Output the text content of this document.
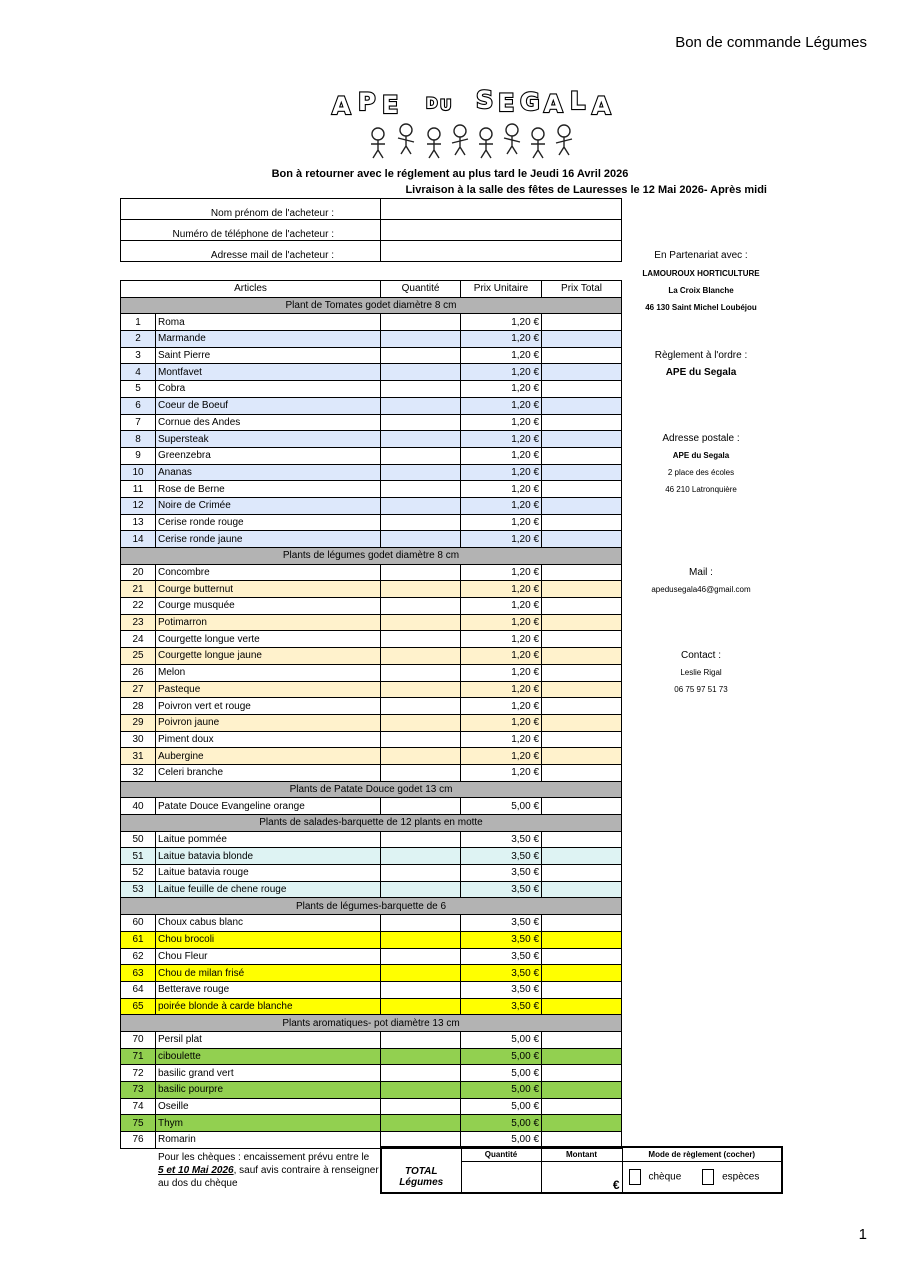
Bon de commande Légumes
A P E D U S E G A L A
Bon à retourner avec le réglement au plus tard le Jeudi 16 Avril 2026
Livraison à la salle des fêtes de Lauresses le 12 Mai 2026- Après midi
Nom prénom de l'acheteur :	
Numéro de téléphone de l'acheteur :	
Adresse mail de l'acheteur :	
Articles		Quantité	Prix Unitaire	Prix Total
Plant de Tomates godet diamètre 8 cm				
1	Roma		1,20 €	
2	Marmande		1,20 €	
3	Saint Pierre		1,20 €	
4	Montfavet		1,20 €	
5	Cobra		1,20 €	
6	Coeur de Boeuf		1,20 €	
7	Cornue des Andes		1,20 €	
8	Supersteak		1,20 €	
9	Greenzebra		1,20 €	
10	Ananas		1,20 €	
11	Rose de Berne		1,20 €	
12	Noire de Crimée		1,20 €	
13	Cerise ronde rouge		1,20 €	
14	Cerise ronde jaune		1,20 €	
Plants de légumes godet diamètre 8 cm				
20	Concombre		1,20 €	
21	Courge butternut		1,20 €	
22	Courge musquée		1,20 €	
23	Potimarron		1,20 €	
24	Courgette longue verte		1,20 €	
25	Courgette longue jaune		1,20 €	
26	Melon		1,20 €	
27	Pasteque		1,20 €	
28	Poivron vert et rouge		1,20 €	
29	Poivron jaune		1,20 €	
30	Piment doux		1,20 €	
31	Aubergine		1,20 €	
32	Celeri branche		1,20 €	
Plants de Patate Douce godet 13 cm				
40	Patate Douce Evangeline orange		5,00 €	
Plants de salades-barquette de 12 plants en motte				
50	Laitue pommée		3,50 €	
51	Laitue batavia blonde		3,50 €	
52	Laitue batavia rouge		3,50 €	
53	Laitue feuille de chene rouge		3,50 €	
Plants de légumes-barquette de 6				
60	Choux cabus blanc		3,50 €	
61	Chou brocoli		3,50 €	
62	Chou Fleur		3,50 €	
63	Chou de milan frisé		3,50 €	
64	Betterave rouge		3,50 €	
65	poirée blonde à carde blanche		3,50 €	
Plants aromatiques- pot diamètre 13 cm				
70	Persil plat		5,00 €	
71	ciboulette		5,00 €	
72	basilic grand vert		5,00 €	
73	basilic pourpre		5,00 €	
74	Oseille		5,00 €	
75	Thym		5,00 €	
76	Romarin		5,00 €	
En Partenariat avec :
LAMOUROUX HORTICULTURE
La Croix Blanche
46 130 Saint Michel Loubéjou
Règlement à l'ordre :
APE du Segala
Adresse postale :
APE du Segala
2 place des écoles
46 210 Latronquière
Mail :
apedusegala46@gmail.com
Contact :
Leslie Rigal
06 75 97 51 73
Pour les chèques : encaissement prévu entre le
5 et 10 Mai 2026, sauf avis contraire à renseigner au dos du chèque
	Quantité	Montant	Mode de règlement (cocher)
TOTAL
Légumes		€	chèque espèces
1
